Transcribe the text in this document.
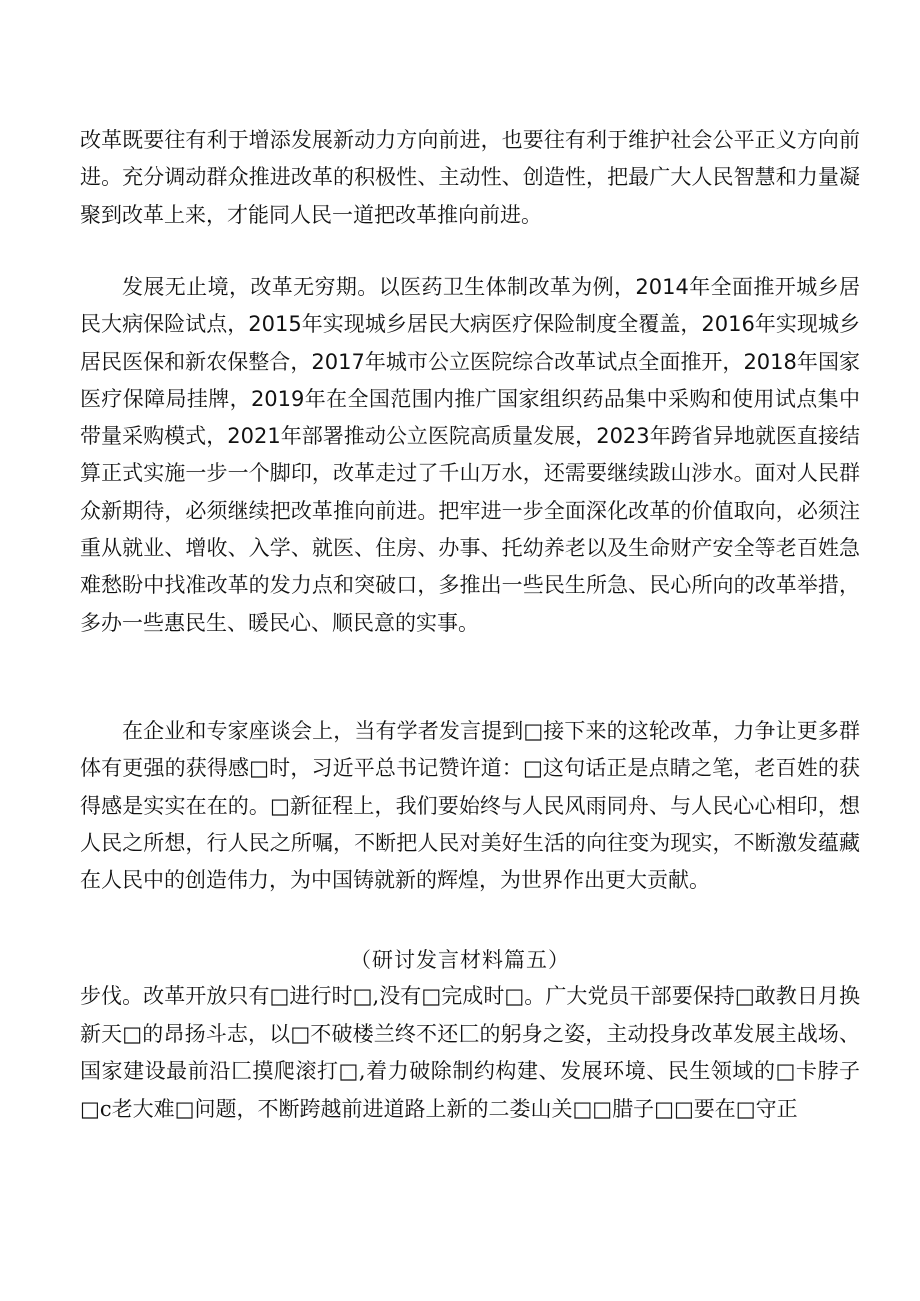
改革既要往有利于增添发展新动力方向前进，也要往有利于维护社会公平正义方向前进。充分调动群众推进改革的积极性、主动性、创造性，把最广大人民智慧和力量凝聚到改革上来，才能同人民一道把改革推向前进。

发展无止境，改革无穷期。以医药卫生体制改革为例，2014年全面推开城乡居民大病保险试点，2015年实现城乡居民大病医疗保险制度全覆盖，2016年实现城乡居民医保和新农保整合，2017年城市公立医院综合改革试点全面推开，2018年国家医疗保障局挂牌，2019年在全国范围内推广国家组织药品集中采购和使用试点集中带量采购模式，2021年部署推动公立医院高质量发展，2023年跨省异地就医直接结算正式实施一步一个脚印，改革走过了千山万水，还需要继续跋山涉水。面对人民群众新期待，必须继续把改革推向前进。把牢进一步全面深化改革的价值取向，必须注重从就业、增收、入学、就医、住房、办事、托幼养老以及生命财产安全等老百姓急难愁盼中找准改革的发力点和突破口，多推出一些民生所急、民心所向的改革举措，多办一些惠民生、暖民心、顺民意的实事。

在企业和专家座谈会上，当有学者发言提到□接下来的这轮改革，力争让更多群体有更强的获得感□时，习近平总书记赞许道：□这句话正是点睛之笔，老百姓的获得感是实实在在的。□新征程上，我们要始终与人民风雨同舟、与人民心心相印，想人民之所想，行人民之所嘱，不断把人民对美好生活的向往变为现实，不断激发蕴藏在人民中的创造伟力，为中国铸就新的辉煌，为世界作出更大贡献。

（研讨发言材料篇五）

步伐。改革开放只有□进行时□,没有□完成时□。广大党员干部要保持□敢教日月换新天□的昂扬斗志，以□不破楼兰终不还匚的躬身之姿，主动投身改革发展主战场、国家建设最前沿匚摸爬滚打□,着力破除制约构建、发展环境、民生领域的□卡脖子□c老大难□问题，不断跨越前进道路上新的二娄山关□□腊子□□要在□守正
